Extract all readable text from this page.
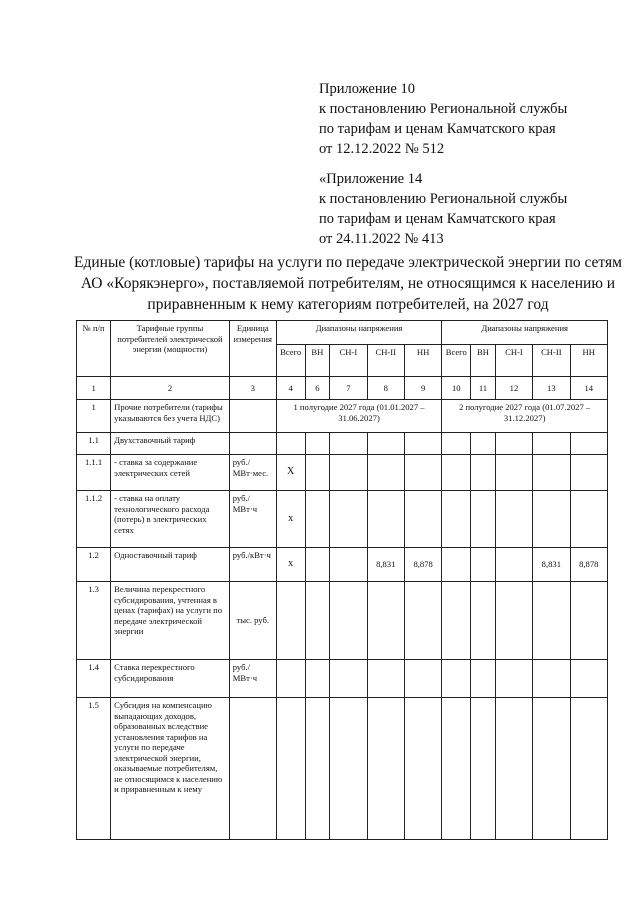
Приложение 10
к постановлению Региональной службы
по тарифам и ценам Камчатского края
от 12.12.2022 № 512
«Приложение 14
к постановлению Региональной службы
по тарифам и ценам Камчатского края
от 24.11.2022 № 413
Единые (котловые) тарифы на услуги по передаче электрической энергии по сетям
АО «Корякэнерго», поставляемой потребителям, не относящимся к населению и
приравненным к нему категориям потребителей, на 2027 год
№ п/п	Тарифные группы потребителей электрической энергии (мощности)	Единица измерения	Диапазоны напряжения					Диапазоны напряжения				
			Всего	ВН	СН-I	СН-II	НН	Всего	ВН	СН-I	СН-II	НН
1	2	3	4	6	7	8	9	10	11	12	13	14
1	Прочие потребители (тарифы указываются без учета НДС)		1 полугодие 2027 года (01.01.2027 – 31.06.2027)					2 полугодие 2027 года (01.07.2027 – 31.12.2027)				
1.1	Двухставочный тариф											
1.1.1	- ставка за содержание электрических сетей	руб./МВт·мес.	Х									
1.1.2	- ставка на оплату технологического расхода (потерь) в электрических сетях	руб./МВт·ч	х									
1.2	Одноставочный тариф	руб./кВт·ч	х			8,831	8,878				8,831	8,878
1.3	Величина перекрестного субсидирования, учтенная в ценах (тарифах) на услуги по передаче электрической энергии	тыс. руб.										
1.4	Ставка перекрестного субсидирования	руб./МВт·ч										
1.5	Субсидия на компенсацию выпадающих доходов, образованных вследствие установления тарифов на услуги по передаче электрической энергии, оказываемые потребителям, не относящимся к населению и приравненным к нему											
